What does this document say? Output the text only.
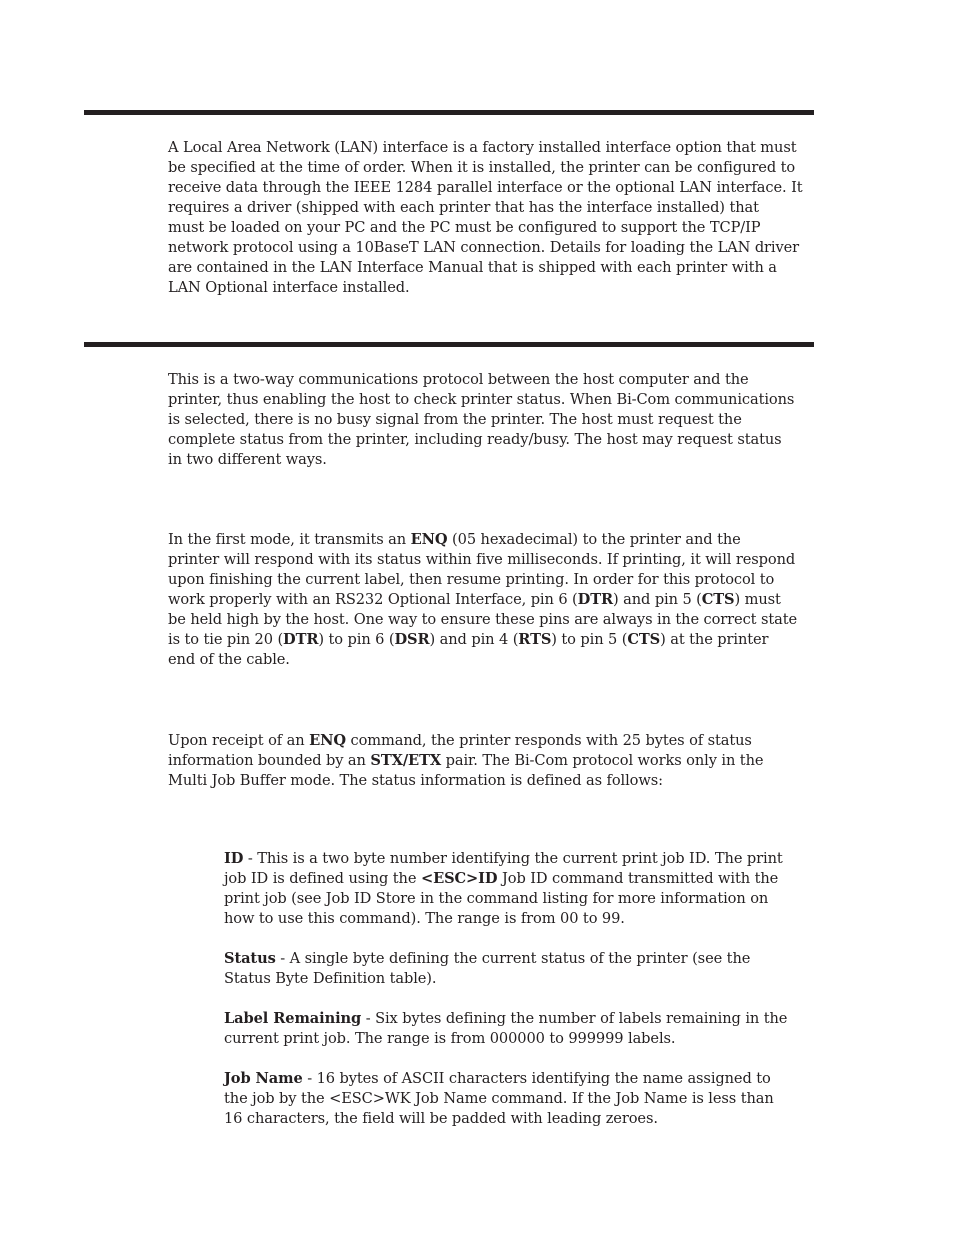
A Local Area Network (LAN) interface is a factory installed interface option that must
be specified at the time of order. When it is installed, the printer can be configured to
receive data through the IEEE 1284 parallel interface or the optional LAN interface. It
requires a driver (shipped with each printer that has the interface installed) that
must be loaded on your PC and the PC must be configured to support the TCP/IP
network protocol using a 10BaseT LAN connection. Details for loading the LAN driver
are contained in the LAN Interface Manual that is shipped with each printer with a
LAN Optional interface installed.

This is a two-way communications protocol between the host computer and the
printer, thus enabling the host to check printer status. When Bi-Com communications
is selected, there is no busy signal from the printer. The host must request the
complete status from the printer, including ready/busy. The host may request status
in two different ways.

In the first mode, it transmits an ENQ (05 hexadecimal) to the printer and the
printer will respond with its status within five milliseconds. If printing, it will respond
upon finishing the current label, then resume printing. In order for this protocol to
work properly with an RS232 Optional Interface, pin 6 (DTR) and pin 5 (CTS) must
be held high by the host. One way to ensure these pins are always in the correct state
is to tie pin 20 (DTR) to pin 6 (DSR) and pin 4 (RTS) to pin 5 (CTS) at the printer
end of the cable.

Upon receipt of an ENQ command, the printer responds with 25 bytes of status
information bounded by an STX/ETX pair. The Bi-Com protocol works only in the
Multi Job Buffer mode. The status information is defined as follows:

ID - This is a two byte number identifying the current print job ID. The print
job ID is defined using the <ESC>ID Job ID command transmitted with the
print job (see Job ID Store in the command listing for more information on
how to use this command). The range is from 00 to 99.

Status - A single byte defining the current status of the printer (see the
Status Byte Definition table).

Label Remaining - Six bytes defining the number of labels remaining in the
current print job. The range is from 000000 to 999999 labels.

Job Name - 16 bytes of ASCII characters identifying the name assigned to
the job by the <ESC>WK Job Name command. If the Job Name is less than
16 characters, the field will be padded with leading zeroes.
